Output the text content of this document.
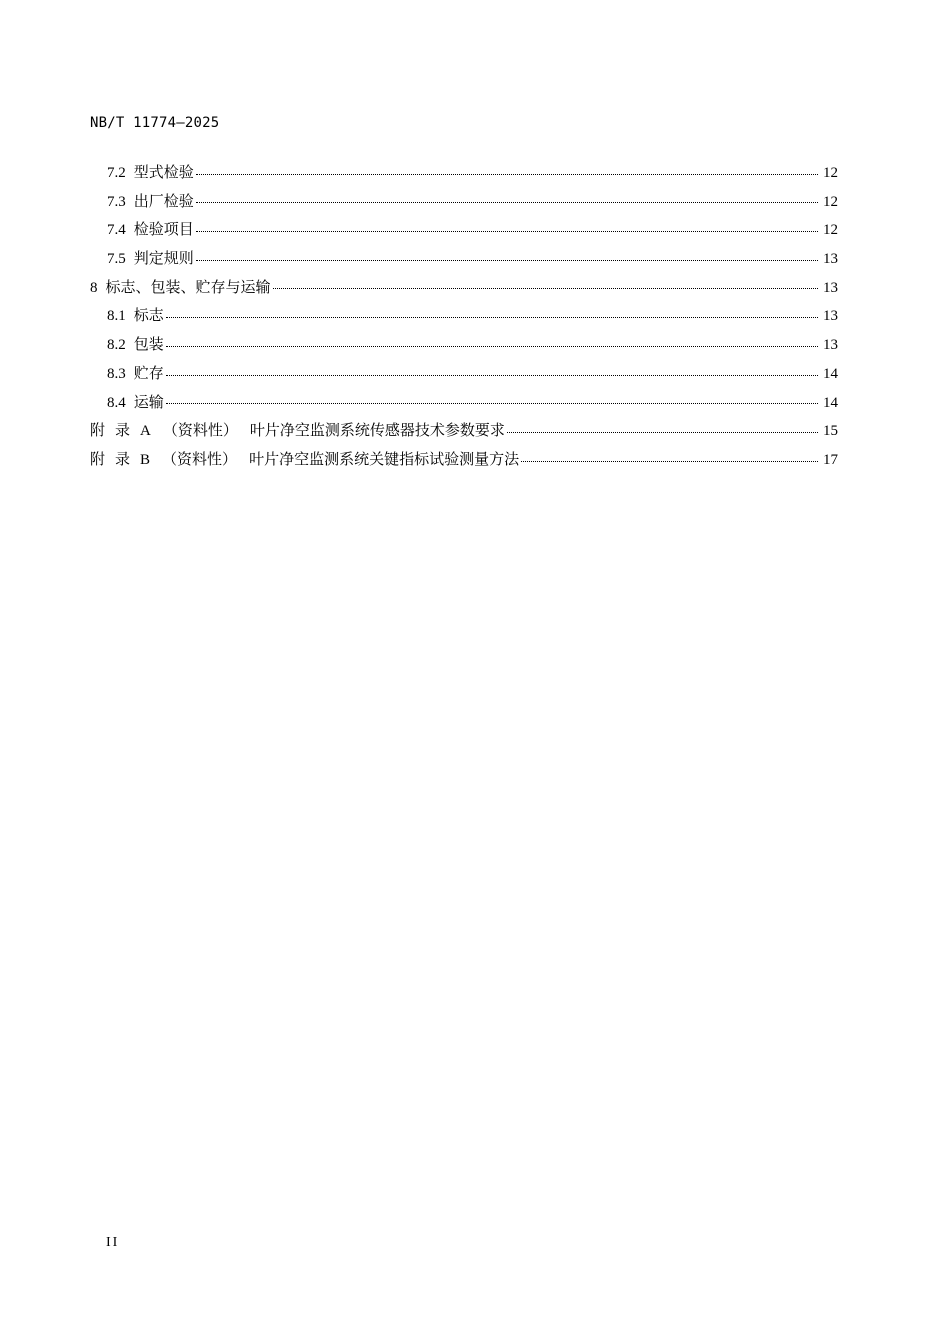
NB/T 11774—2025
7.2 型式检验	12
7.3 出厂检验	12
7.4 检验项目	12
7.5 判定规则	13
8 标志、包装、贮存与运输	13
8.1 标志	13
8.2 包装	13
8.3 贮存	14
8.4 运输	14
附 录 A （资料性） 叶片净空监测系统传感器技术参数要求	15
附 录 B （资料性） 叶片净空监测系统关键指标试验测量方法	17
II
